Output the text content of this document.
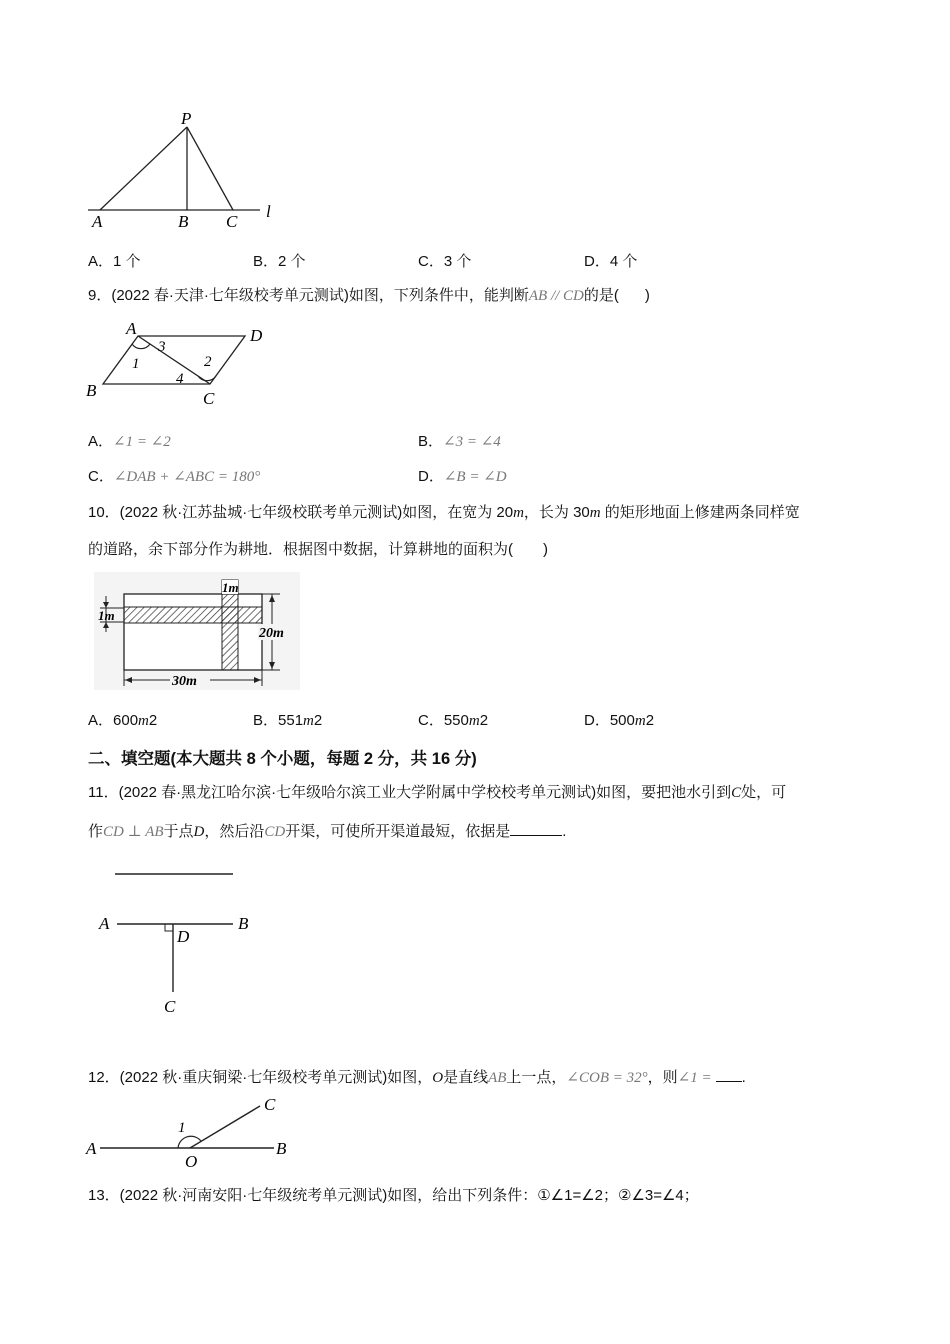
P
A	B C
l
A．1 个	B．2 个	C．3 个	D．4 个
9．(2022 春·天津·七年级校考单元测试)如图，下列条件中，能判断AB // CD的是( )
A	D
B	C
1	2
3
4
A．∠1 = ∠2	B．∠3 = ∠4
C．∠DAB + ∠ABC = 180°	D．∠B = ∠D
10．(2022 秋·江苏盐城·七年级校联考单元测试)如图，在宽为 20m，长为 30m 的矩形地面上修建两条同样宽
的道路，余下部分作为耕地．根据图中数据，计算耕地的面积为( )
1m
1m
20m
30m
A．600m2	B．551m2	C．550m2	D．500m2
二、填空题(本大题共 8 个小题，每题 2 分，共 16 分)
11．(2022 春·黑龙江哈尔滨·七年级哈尔滨工业大学附属中学校校考单元测试)如图，要把池水引到C处，可
作CD ⊥ AB于点D，然后沿CD开渠，可使所开渠道最短，依据是	.
A	B
D
C
12．(2022 秋·重庆铜梁·七年级校考单元测试)如图，O是直线AB上一点，∠COB = 32°，则∠1 = .
A	B
C
O
1
13．(2022 秋·河南安阳·七年级统考单元测试)如图，给出下列条件：①∠1=∠2；②∠3=∠4；
